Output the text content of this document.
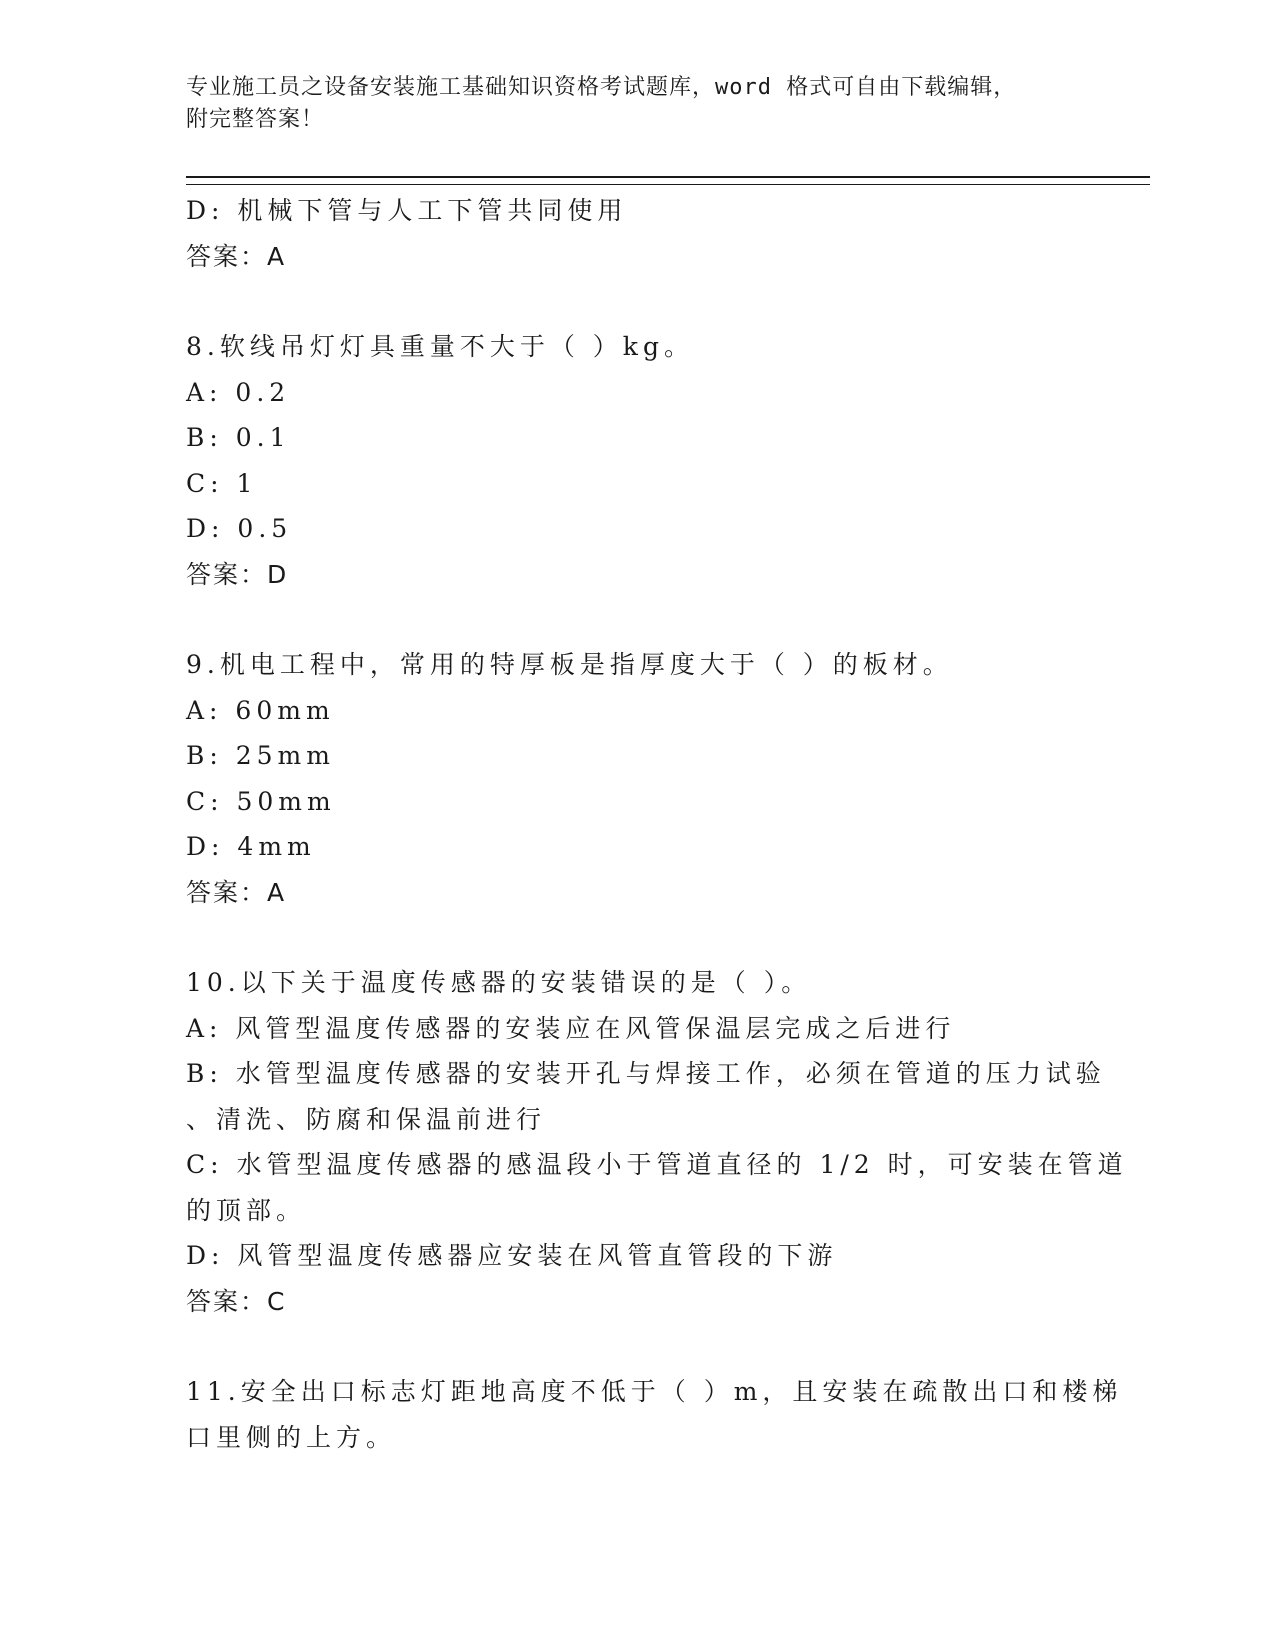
专业施工员之设备安装施工基础知识资格考试题库，word 格式可自由下载编辑，
附完整答案！
D: 机械下管与人工下管共同使用
答案：A
8.软线吊灯灯具重量不大于（ ）kg。
A: 0.2
B: 0.1
C: 1
D: 0.5
答案：D
9.机电工程中，常用的特厚板是指厚度大于（ ）的板材。
A: 60mm
B: 25mm
C: 50mm
D: 4mm
答案：A
10.以下关于温度传感器的安装错误的是（ ）。
A: 风管型温度传感器的安装应在风管保温层完成之后进行
B: 水管型温度传感器的安装开孔与焊接工作，必须在管道的压力试验
、清洗、防腐和保温前进行
C: 水管型温度传感器的感温段小于管道直径的 1/2 时，可安装在管道
的顶部。
D: 风管型温度传感器应安装在风管直管段的下游
答案：C
11.安全出口标志灯距地高度不低于（ ）m，且安装在疏散出口和楼梯
口里侧的上方。
